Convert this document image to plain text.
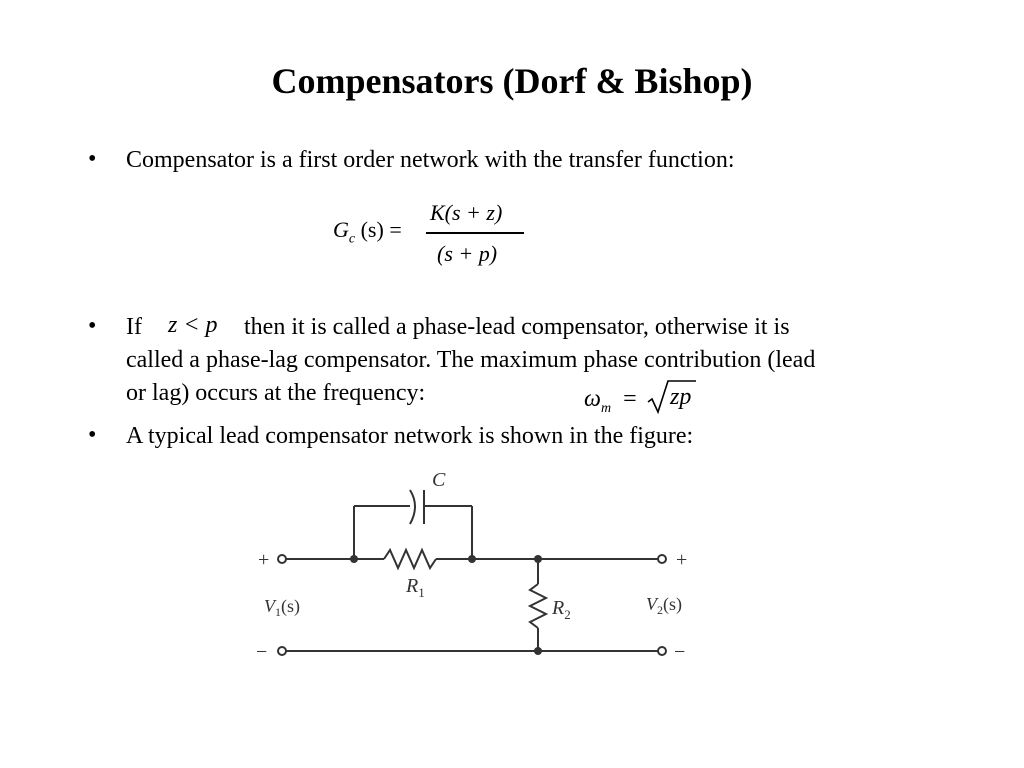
Compensators (Dorf & Bishop)
• Compensator is a first order network with the transfer function:
$G_c$ (s) =
K(s + z)
(s + p)
• If z < p then it is called a phase-lead compensator, otherwise it is
called a phase-lag compensator. The maximum phase contribution (lead
or lag) occurs at the frequency:	$\omega_m$ = zp
• A typical lead compensator network is shown in the figure:
+
−
+
−
C
$R_1$
$R_2$
$V_1(s)$	$V_2(s)$
